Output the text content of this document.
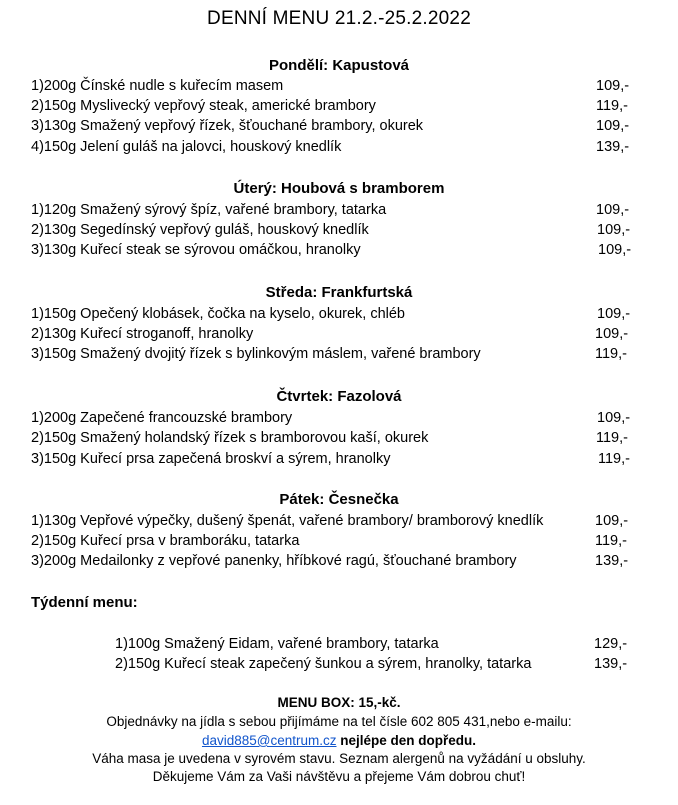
DENNÍ MENU 21.2.-25.2.2022
Pondělí: Kapustová
1)200g Čínské nudle s kuřecím masem	109,-
2)150g Myslivecký vepřový steak, americké brambory	119,-
3)130g Smažený vepřový řízek, šťouchané brambory, okurek	109,-
4)150g Jelení guláš na jalovci, houskový knedlík	139,-
Úterý: Houbová s bramborem
1)120g Smažený sýrový špíz, vařené brambory, tatarka	109,-
2)130g Segedínský vepřový guláš, houskový knedlík	109,-
3)130g Kuřecí steak se sýrovou omáčkou, hranolky	109,-
Středa: Frankfurtská
1)150g Opečený klobásek, čočka na kyselo, okurek, chléb	109,-
2)130g Kuřecí stroganoff, hranolky	109,-
3)150g Smažený dvojitý řízek s bylinkovým máslem, vařené brambory	119,-
Čtvrtek: Fazolová
1)200g Zapečené francouzské brambory	109,-
2)150g Smažený holandský řízek s bramborovou kaší, okurek	119,-
3)150g Kuřecí prsa zapečená broskví a sýrem, hranolky	119,-
Pátek: Česnečka
1)130g Vepřové výpečky, dušený špenát, vařené brambory/ bramborový knedlík	109,-
2)150g Kuřecí prsa v bramboráku, tatarka	119,-
3)200g Medailonky z vepřové panenky, hříbkové ragú, šťouchané brambory	139,-
Týdenní menu:
1)100g Smažený Eidam, vařené brambory, tatarka	129,-
2)150g Kuřecí steak zapečený šunkou a sýrem, hranolky, tatarka	139,-
MENU BOX: 15,-kč.
Objednávky na jídla s sebou přijímáme na tel čísle 602 805 431,nebo e-mailu:
david885@centrum.cz nejlépe den dopředu.
Váha masa je uvedena v syrovém stavu. Seznam alergenů na vyžádání u obsluhy.
Děkujeme Vám za Vaši návštěvu a přejeme Vám dobrou chuť!
